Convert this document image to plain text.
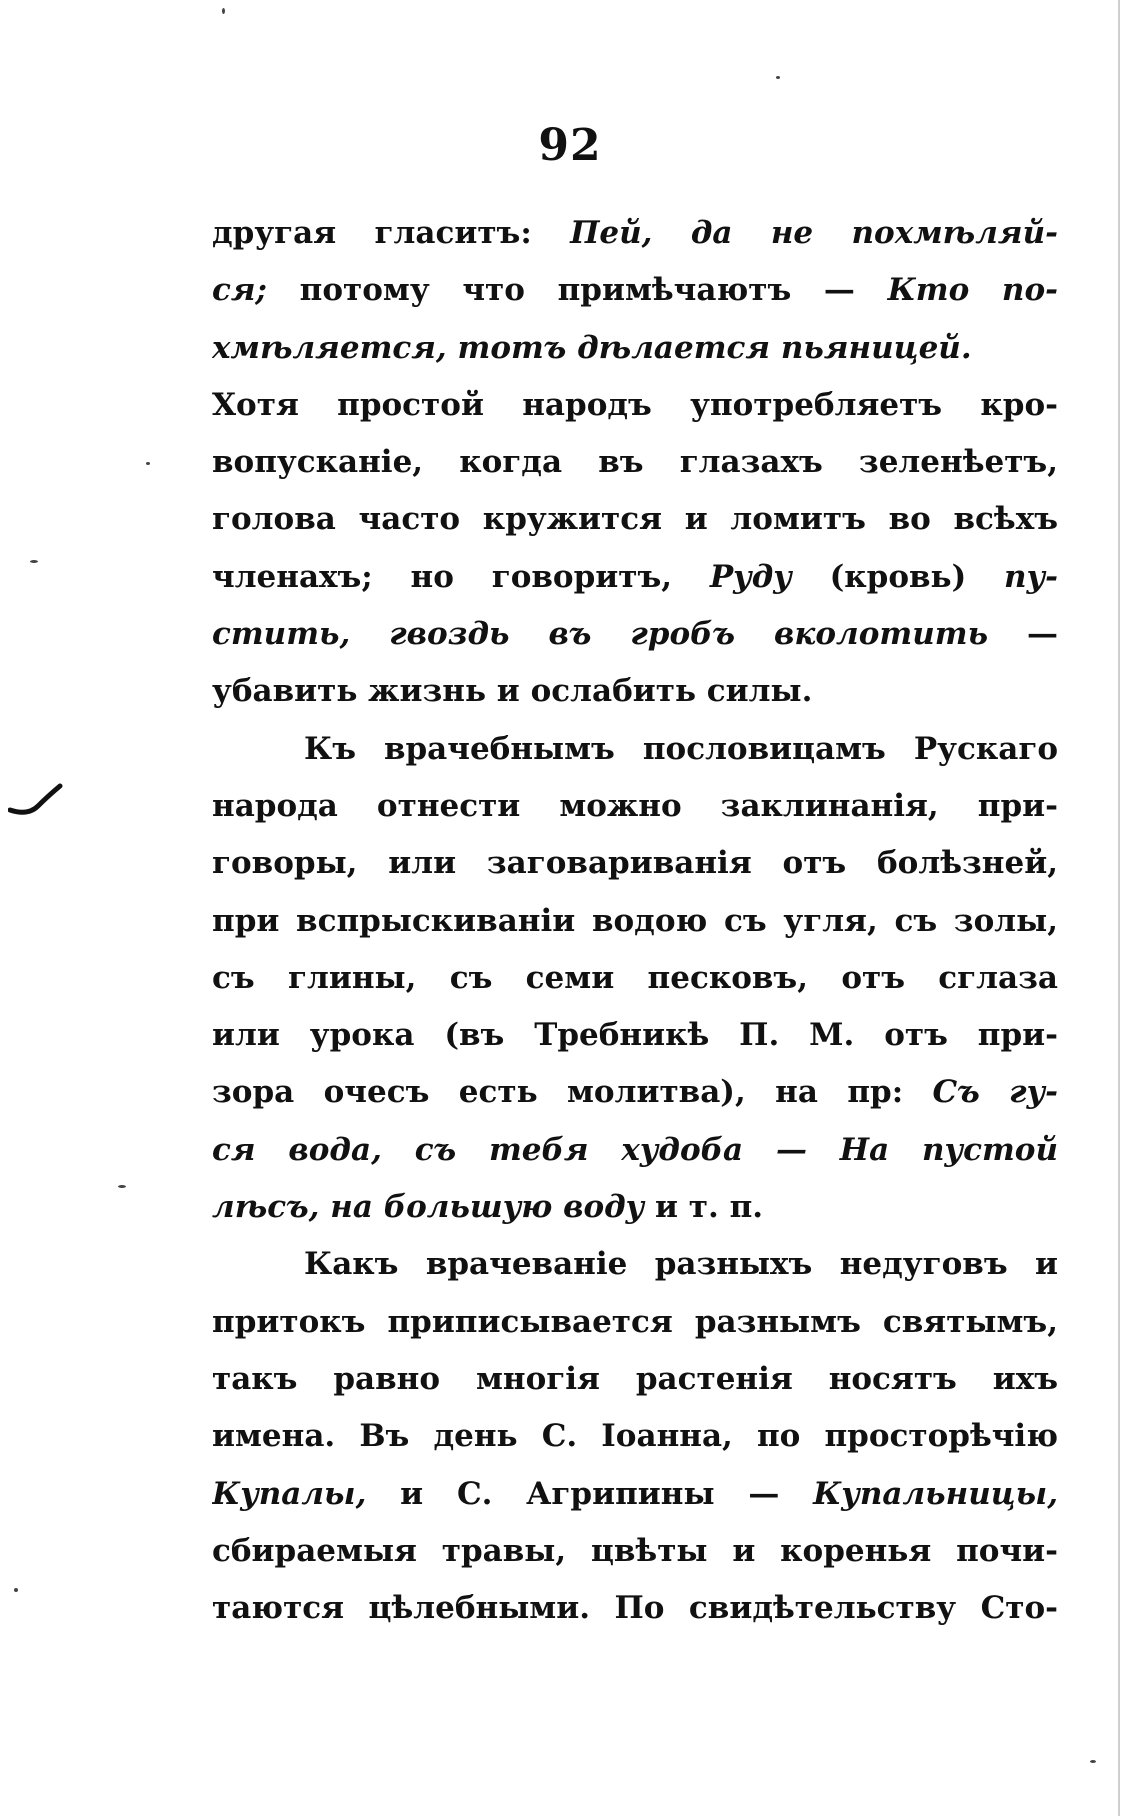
92
другая гласитъ: Пей, да не похмѣляй-
ся; потому что примѣчаютъ — Кто по-
хмѣляется, тотъ дѣлается пьяницей.
Хотя простой народъ употребляетъ кро-
вопусканіе, когда въ глазахъ зеленѣетъ,
голова часто кружится и ломитъ во всѣхъ
членахъ; но говоритъ, Руду (кровь) пу-
стить, гвоздь въ гробъ вколотить —
убавить жизнь и ослабить силы.
Къ врачебнымъ пословицамъ Рускаго
народа отнести можно заклинанія, при-
говоры, или заговариванія отъ болѣзней,
при вспрыскиваніи водою съ угля, съ золы,
съ глины, съ семи песковъ, отъ сглаза
или урока (въ Требникѣ П. М. отъ при-
зора очесъ есть молитва), на пр: Съ гу-
ся вода, съ тебя худоба — На пустой
лѣсъ, на большую воду и т. п.
Какъ врачеваніе разныхъ недуговъ и
притокъ приписывается разнымъ святымъ,
такъ равно многія растенія носятъ ихъ
имена. Въ день С. Іоанна, по просторѣчію
Купалы, и С. Агрипины — Купальницы,
сбираемыя травы, цвѣты и коренья почи-
таются цѣлебными. По свидѣтельству Сто-
